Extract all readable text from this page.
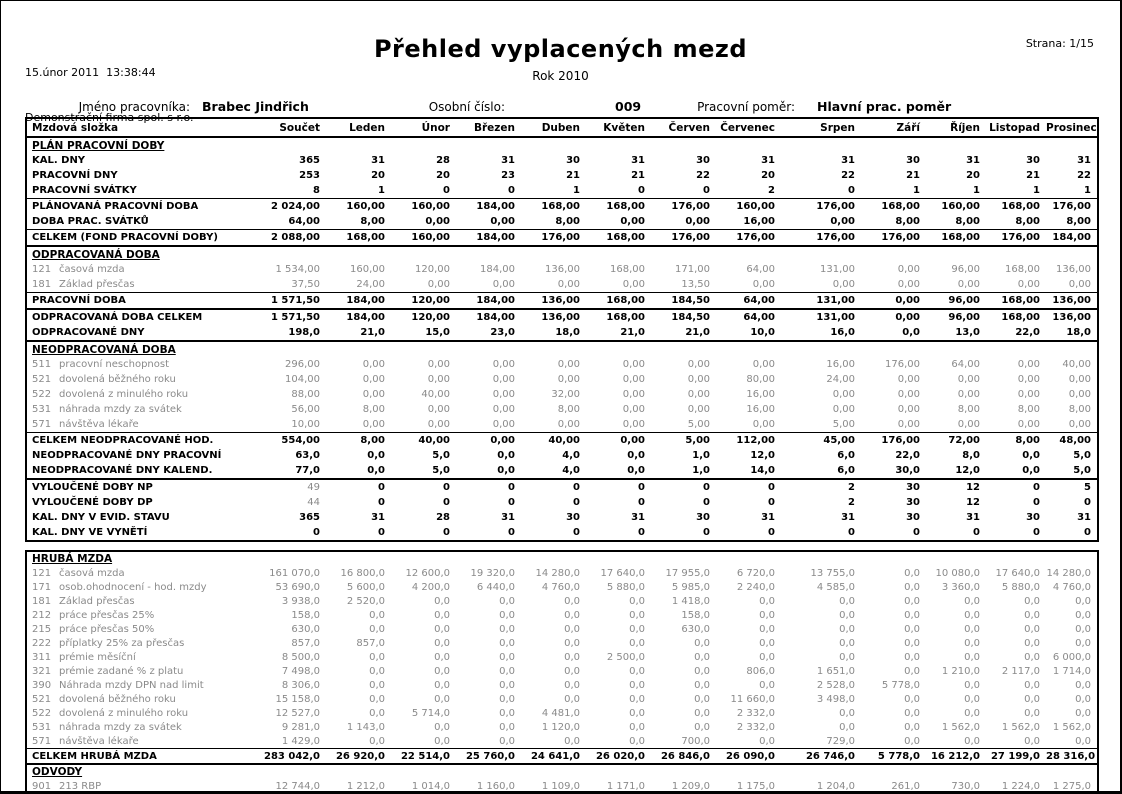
15.únor 2011  13:38:44

Demonstrační firma spol. s r.o.

Přehled vyplacených mezd
Rok 2010
Strana: 1/15
Jméno pracovníka: Brabec Jindřich	Osobní číslo:	009	Pracovní poměr:	Hlavní prac. poměr
Mzdová složka	Součet	Leden	Únor	Březen	Duben	Květen	Červen	Červenec	Srpen	Září	Říjen	Listopad	Prosinec
PLÁN PRACOVNÍ DOBY													
KAL. DNY	365	31	28	31	30	31	30	31	31	30	31	30	31
PRACOVNÍ DNY	253	20	20	23	21	21	22	20	22	21	20	21	22
PRACOVNÍ SVÁTKY	8	1	0	0	1	0	0	2	0	1	1	1	1
PLÁNOVANÁ PRACOVNÍ DOBA	2 024,00	160,00	160,00	184,00	168,00	168,00	176,00	160,00	176,00	168,00	160,00	168,00	176,00
DOBA PRAC. SVÁTKŮ	64,00	8,00	0,00	0,00	8,00	0,00	0,00	16,00	0,00	8,00	8,00	8,00	8,00
CELKEM (FOND PRACOVNÍ DOBY)	2 088,00	168,00	160,00	184,00	176,00	168,00	176,00	176,00	176,00	176,00	168,00	176,00	184,00
ODPRACOVANÁ DOBA													
121 časová mzda	1 534,00	160,00	120,00	184,00	136,00	168,00	171,00	64,00	131,00	0,00	96,00	168,00	136,00
181 Základ přesčas	37,50	24,00	0,00	0,00	0,00	0,00	13,50	0,00	0,00	0,00	0,00	0,00	0,00
PRACOVNÍ DOBA	1 571,50	184,00	120,00	184,00	136,00	168,00	184,50	64,00	131,00	0,00	96,00	168,00	136,00
ODPRACOVANÁ DOBA CELKEM	1 571,50	184,00	120,00	184,00	136,00	168,00	184,50	64,00	131,00	0,00	96,00	168,00	136,00
ODPRACOVANÉ DNY	198,0	21,0	15,0	23,0	18,0	21,0	21,0	10,0	16,0	0,0	13,0	22,0	18,0
NEODPRACOVANÁ DOBA													
511 pracovní neschopnost	296,00	0,00	0,00	0,00	0,00	0,00	0,00	0,00	16,00	176,00	64,00	0,00	40,00
521 dovolená běžného roku	104,00	0,00	0,00	0,00	0,00	0,00	0,00	80,00	24,00	0,00	0,00	0,00	0,00
522 dovolená z minulého roku	88,00	0,00	40,00	0,00	32,00	0,00	0,00	16,00	0,00	0,00	0,00	0,00	0,00
531 náhrada mzdy za svátek	56,00	8,00	0,00	0,00	8,00	0,00	0,00	16,00	0,00	0,00	8,00	8,00	8,00
571 návštěva lékaře	10,00	0,00	0,00	0,00	0,00	0,00	5,00	0,00	5,00	0,00	0,00	0,00	0,00
CELKEM NEODPRACOVANÉ HOD.	554,00	8,00	40,00	0,00	40,00	0,00	5,00	112,00	45,00	176,00	72,00	8,00	48,00
NEODPRACOVANÉ DNY PRACOVNÍ	63,0	0,0	5,0	0,0	4,0	0,0	1,0	12,0	6,0	22,0	8,0	0,0	5,0
NEODPRACOVANÉ DNY KALEND.	77,0	0,0	5,0	0,0	4,0	0,0	1,0	14,0	6,0	30,0	12,0	0,0	5,0
VYLOUČENÉ DOBY NP	49	0	0	0	0	0	0	0	2	30	12	0	5
VYLOUČENÉ DOBY DP	44	0	0	0	0	0	0	0	2	30	12	0	0
KAL. DNY V EVID. STAVU	365	31	28	31	30	31	30	31	31	30	31	30	31
KAL. DNY VE VYNĚTÍ	0	0	0	0	0	0	0	0	0	0	0	0	0
HRUBÁ MZDA													
121 časová mzda	161 070,0	16 800,0	12 600,0	19 320,0	14 280,0	17 640,0	17 955,0	6 720,0	13 755,0	0,0	10 080,0	17 640,0	14 280,0
171 osob.ohodnocení - hod. mzdy	53 690,0	5 600,0	4 200,0	6 440,0	4 760,0	5 880,0	5 985,0	2 240,0	4 585,0	0,0	3 360,0	5 880,0	4 760,0
181 Základ přesčas	3 938,0	2 520,0	0,0	0,0	0,0	0,0	1 418,0	0,0	0,0	0,0	0,0	0,0	0,0
212 práce přesčas 25%	158,0	0,0	0,0	0,0	0,0	0,0	158,0	0,0	0,0	0,0	0,0	0,0	0,0
215 práce přesčas 50%	630,0	0,0	0,0	0,0	0,0	0,0	630,0	0,0	0,0	0,0	0,0	0,0	0,0
222 příplatky 25% za přesčas	857,0	857,0	0,0	0,0	0,0	0,0	0,0	0,0	0,0	0,0	0,0	0,0	0,0
311 prémie měsíční	8 500,0	0,0	0,0	0,0	0,0	2 500,0	0,0	0,0	0,0	0,0	0,0	0,0	6 000,0
321 prémie zadané % z platu	7 498,0	0,0	0,0	0,0	0,0	0,0	0,0	806,0	1 651,0	0,0	1 210,0	2 117,0	1 714,0
390 Náhrada mzdy DPN nad limit	8 306,0	0,0	0,0	0,0	0,0	0,0	0,0	0,0	2 528,0	5 778,0	0,0	0,0	0,0
521 dovolená běžného roku	15 158,0	0,0	0,0	0,0	0,0	0,0	0,0	11 660,0	3 498,0	0,0	0,0	0,0	0,0
522 dovolená z minulého roku	12 527,0	0,0	5 714,0	0,0	4 481,0	0,0	0,0	2 332,0	0,0	0,0	0,0	0,0	0,0
531 náhrada mzdy za svátek	9 281,0	1 143,0	0,0	0,0	1 120,0	0,0	0,0	2 332,0	0,0	0,0	1 562,0	1 562,0	1 562,0
571 návštěva lékaře	1 429,0	0,0	0,0	0,0	0,0	0,0	700,0	0,0	729,0	0,0	0,0	0,0	0,0
CELKEM HRUBÁ MZDA	283 042,0	26 920,0	22 514,0	25 760,0	24 641,0	26 020,0	26 846,0	26 090,0	26 746,0	5 778,0	16 212,0	27 199,0	28 316,0
ODVODY													
901 213 RBP	12 744,0	1 212,0	1 014,0	1 160,0	1 109,0	1 171,0	1 209,0	1 175,0	1 204,0	261,0	730,0	1 224,0	1 275,0
